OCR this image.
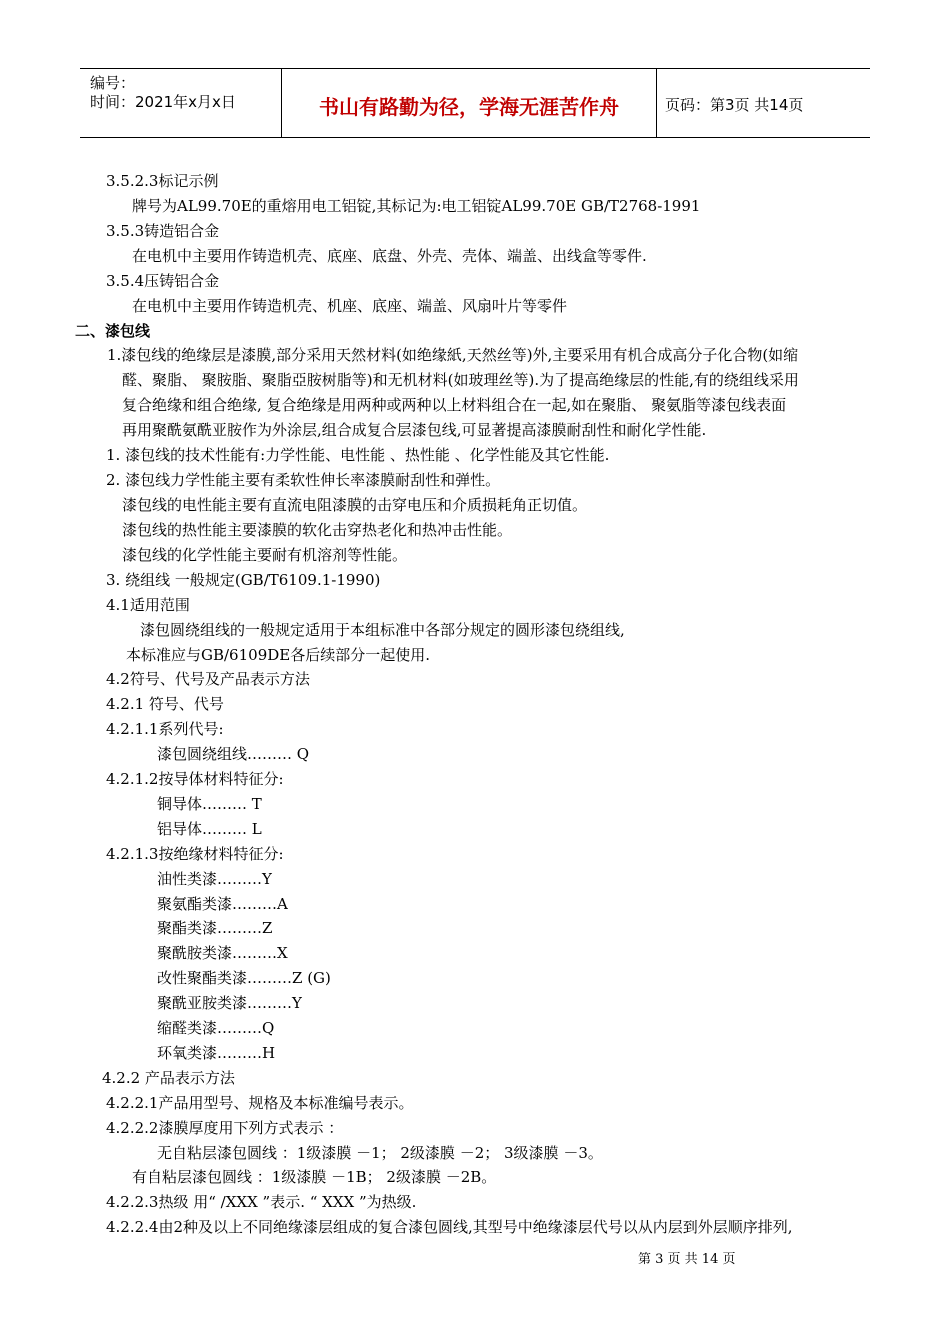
编号：
时间：2021年x月x日	书山有路勤为径，学海无涯苦作舟	页码：第3页 共14页
3.5.2.3标记示例
牌号为AL99.70E的重熔用电工铝锭,其标记为:电工铝锭AL99.70E GB/T2768-1991
3.5.3铸造铝合金
在电机中主要用作铸造机壳、底座、底盘、外壳、壳体、端盖、出线盒等零件.
3.5.4压铸铝合金
在电机中主要用作铸造机壳、机座、底座、端盖、风扇叶片等零件
二、漆包线
1.漆包线的绝缘层是漆膜,部分采用天然材料(如绝缘紙,天然丝等)外,主要采用有机合成高分子化合物(如缩
醛、聚脂、 聚胺脂、聚脂亞胺树脂等)和无机材料(如玻理丝等).为了提高绝缘层的性能,有的绕组线采用
复合绝缘和组合绝缘, 复合绝缘是用两种或两种以上材料组合在一起,如在聚脂、 聚氨脂等漆包线表面
再用聚酰氨酰亚胺作为外涂层,组合成复合层漆包线,可显著提高漆膜耐刮性和耐化学性能.
1. 漆包线的技术性能有:力学性能、电性能 、热性能 、化学性能及其它性能.
2. 漆包线力学性能主要有柔软性伸长率漆膜耐刮性和弹性。
漆包线的电性能主要有直流电阻漆膜的击穿电压和介质损耗角正切值。
漆包线的热性能主要漆膜的软化击穿热老化和热冲击性能。
漆包线的化学性能主要耐有机溶剂等性能。
3. 绕组线 一般规定(GB/T6109.1-1990)
4.1适用范围
漆包圆绕组线的一般规定适用于本组标准中各部分规定的圆形漆包绕组线,
本标准应与GB/6109DE各后续部分一起使用.
4.2符号、代号及产品表示方法
4.2.1 符号、代号
4.2.1.1系列代号:
漆包圆绕组线……… Q
4.2.1.2按导体材料特征分:
铜导体……… T
铝导体……… L
4.2.1.3按绝缘材料特征分:
油性类漆………Y
聚氨酯类漆………A
聚酯类漆………Z
聚酰胺类漆………X
改性聚酯类漆………Z (G)
聚酰亚胺类漆………Y
缩醛类漆………Q
环氧类漆………H
4.2.2 产品表示方法
4.2.2.1产品用型号、规格及本标准编号表示。
4.2.2.2漆膜厚度用下列方式表示 ：
无自粘层漆包圆线 ：1级漆膜 －1； 2级漆膜 －2； 3级漆膜 －3。
有自粘层漆包圆线 ：1级漆膜 －1B； 2级漆膜 －2B。
4.2.2.3热级 用“ /XXX ”表示. “ XXX ”为热级.
4.2.2.4由2种及以上不同绝缘漆层组成的复合漆包圆线,其型号中绝缘漆层代号以从内层到外层顺序排列,
第 3 页 共 14 页
